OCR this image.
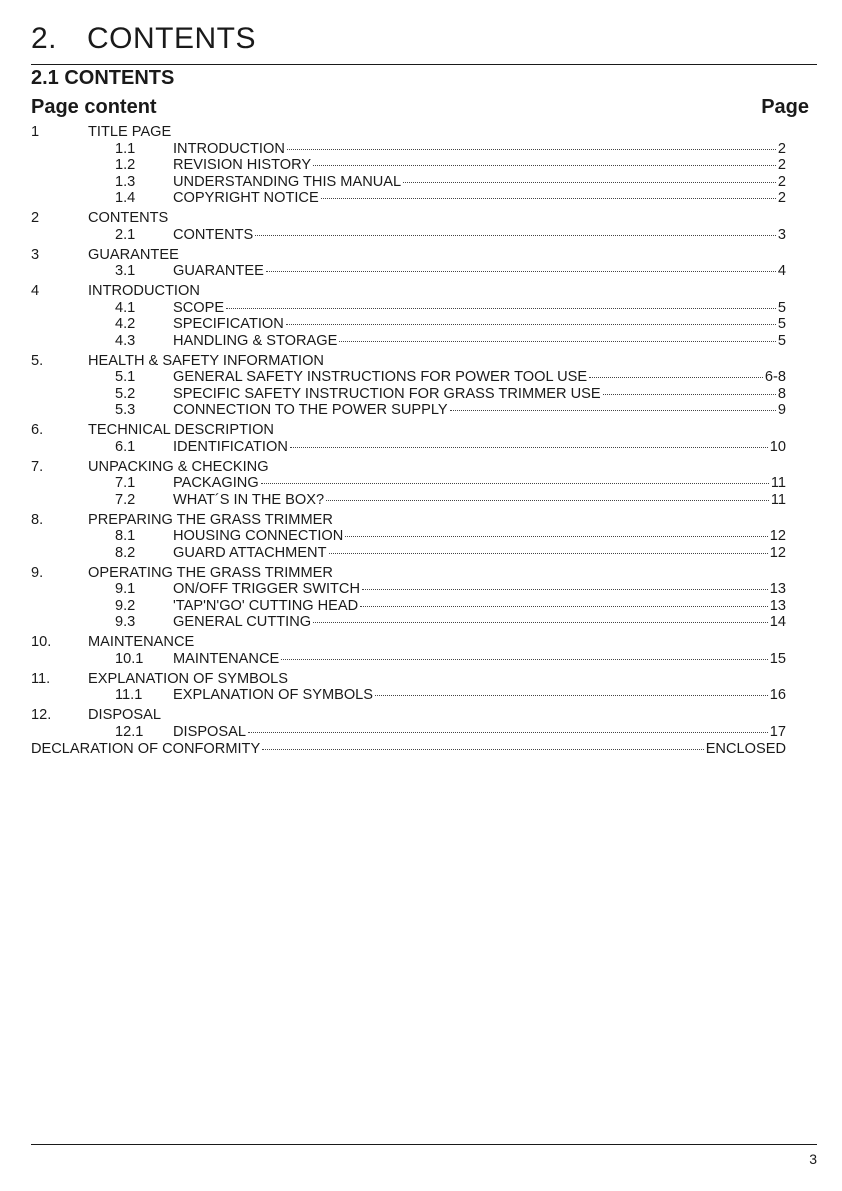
2. CONTENTS
2.1 CONTENTS
Page content	Page
1	TITLE PAGE
1.1	INTRODUCTION	2
1.2	REVISION HISTORY	2
1.3	UNDERSTANDING THIS MANUAL	2
1.4	COPYRIGHT NOTICE	2
2	CONTENTS
2.1	CONTENTS	3
3	GUARANTEE
3.1	GUARANTEE	4
4	INTRODUCTION
4.1	SCOPE	5
4.2	SPECIFICATION	5
4.3	HANDLING & STORAGE	5
5.	HEALTH & SAFETY INFORMATION
5.1	GENERAL SAFETY INSTRUCTIONS FOR POWER TOOL USE	6-8
5.2	SPECIFIC SAFETY INSTRUCTION FOR GRASS TRIMMER USE	8
5.3	CONNECTION TO THE POWER SUPPLY	9
6.	TECHNICAL DESCRIPTION
6.1	IDENTIFICATION	10
7.	UNPACKING & CHECKING
7.1	PACKAGING	11
7.2	WHAT´S IN THE BOX?	11
8.	PREPARING THE GRASS TRIMMER
8.1	HOUSING CONNECTION	12
8.2	GUARD ATTACHMENT	12
9.	OPERATING THE GRASS TRIMMER
9.1	ON/OFF TRIGGER SWITCH	13
9.2	'TAP'N'GO' CUTTING HEAD	13
9.3	GENERAL CUTTING	14
10.	MAINTENANCE
10.1	MAINTENANCE	15
11.	EXPLANATION OF SYMBOLS
11.1	EXPLANATION OF SYMBOLS	16
12.	DISPOSAL
12.1	DISPOSAL	17
DECLARATION OF CONFORMITY	ENCLOSED
3
